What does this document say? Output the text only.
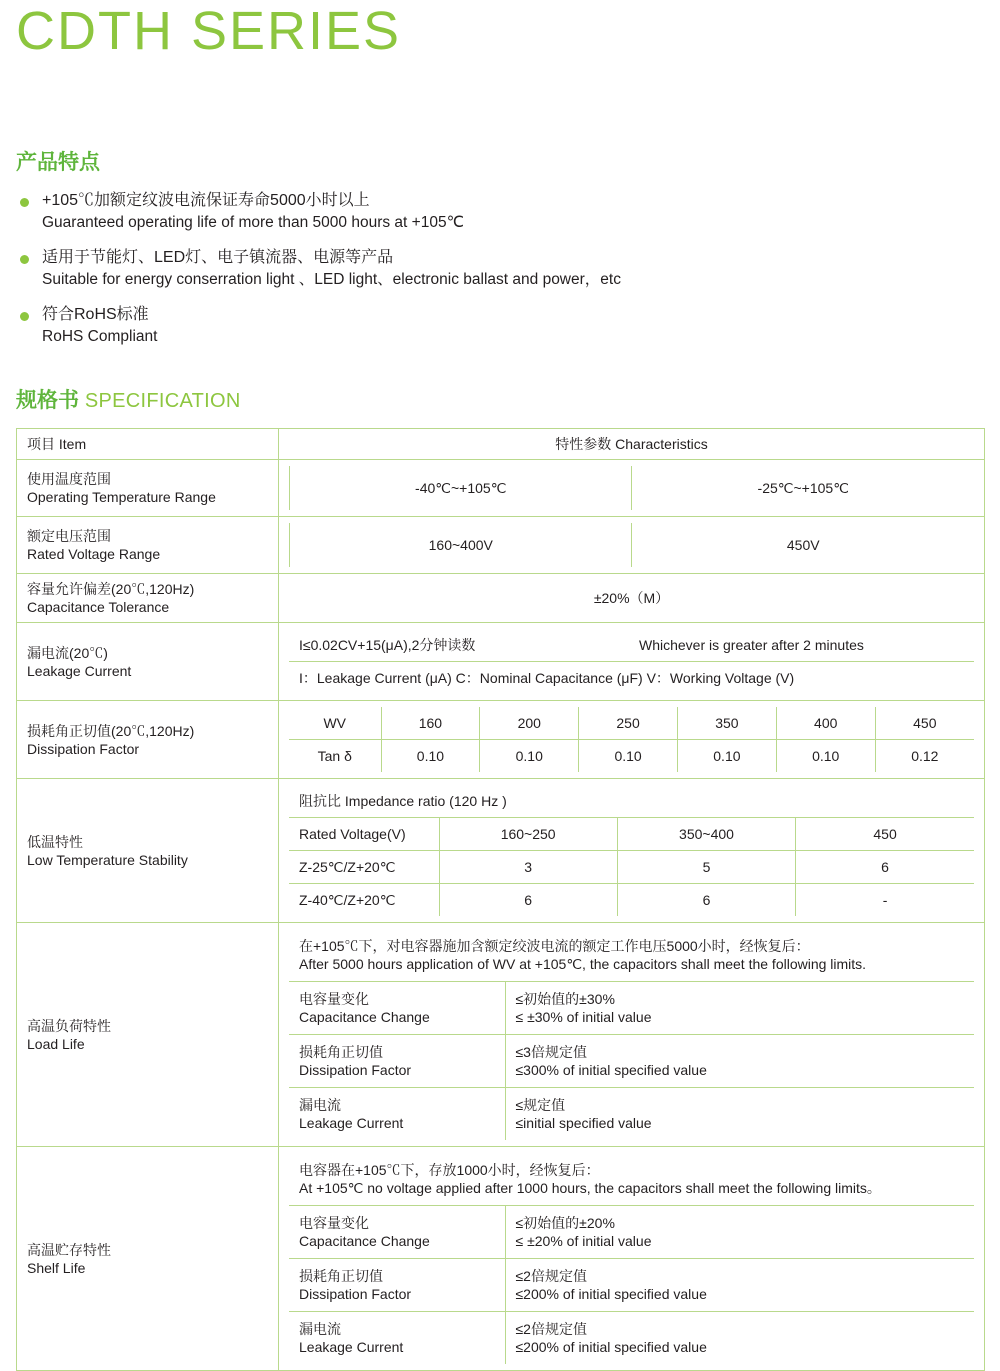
CDTH SERIES
产品特点
+105℃加额定纹波电流保证寿命5000小时以上
Guaranteed operating life of more than 5000 hours at +105℃
适用于节能灯、LED灯、电子镇流器、电源等产品
Suitable for energy conserration light 、LED light、electronic ballast and power，etc
符合RoHS标准
RoHS Compliant
规格书 SPECIFICATION
项目 Item	特性参数 Characteristics

使用温度范围
Operating Temperature Range

-40℃~+105℃	-25℃~+105℃

额定电压范围
Rated Voltage Range

160~400V	450V

容量允许偏差(20℃,120Hz)
Capacitance Tolerance
	±20%（M）

漏电流(20℃)
Leakage Current

I≤0.02CV+15(μA),2分钟读数	Whichever is greater after 2 minutes
I：Leakage Current (μA) C：Nominal Capacitance (μF) V：Working Voltage (V)

损耗角正切值(20℃,120Hz)
Dissipation Factor

WV	160	200	250	350	400	450
Tan δ	0.10	0.10	0.10	0.10	0.10	0.12

低温特性
Low Temperature Stability

阻抗比 Impedance ratio (120 Hz )
Rated Voltage(V)	160~250	350~400	450
Z-25℃/Z+20℃	3	5	6
Z-40℃/Z+20℃	6	6	-

高温负荷特性
Load Life

在+105℃下，对电容器施加含额定绞波电流的额定工作电压5000小时，经恢复后：
After 5000 hours application of WV at +105℃, the capacitors shall meet the following limits.

电容量变化
Capacitance Change

≤初始值的±30%
≤ ±30% of initial value

损耗角正切值
Dissipation Factor

≤3倍规定值
≤300% of initial specified value

漏电流
Leakage Current

≤规定值
≤initial specified value

高温贮存特性
Shelf Life

电容器在+105℃下，存放1000小时，经恢复后：
At +105℃ no voltage applied after 1000 hours, the capacitors shall meet the following limits。

电容量变化
Capacitance Change

≤初始值的±20%
≤ ±20% of initial value

损耗角正切值
Dissipation Factor

≤2倍规定值
≤200% of initial specified value

漏电流
Leakage Current

≤2倍规定值
≤200% of initial specified value
